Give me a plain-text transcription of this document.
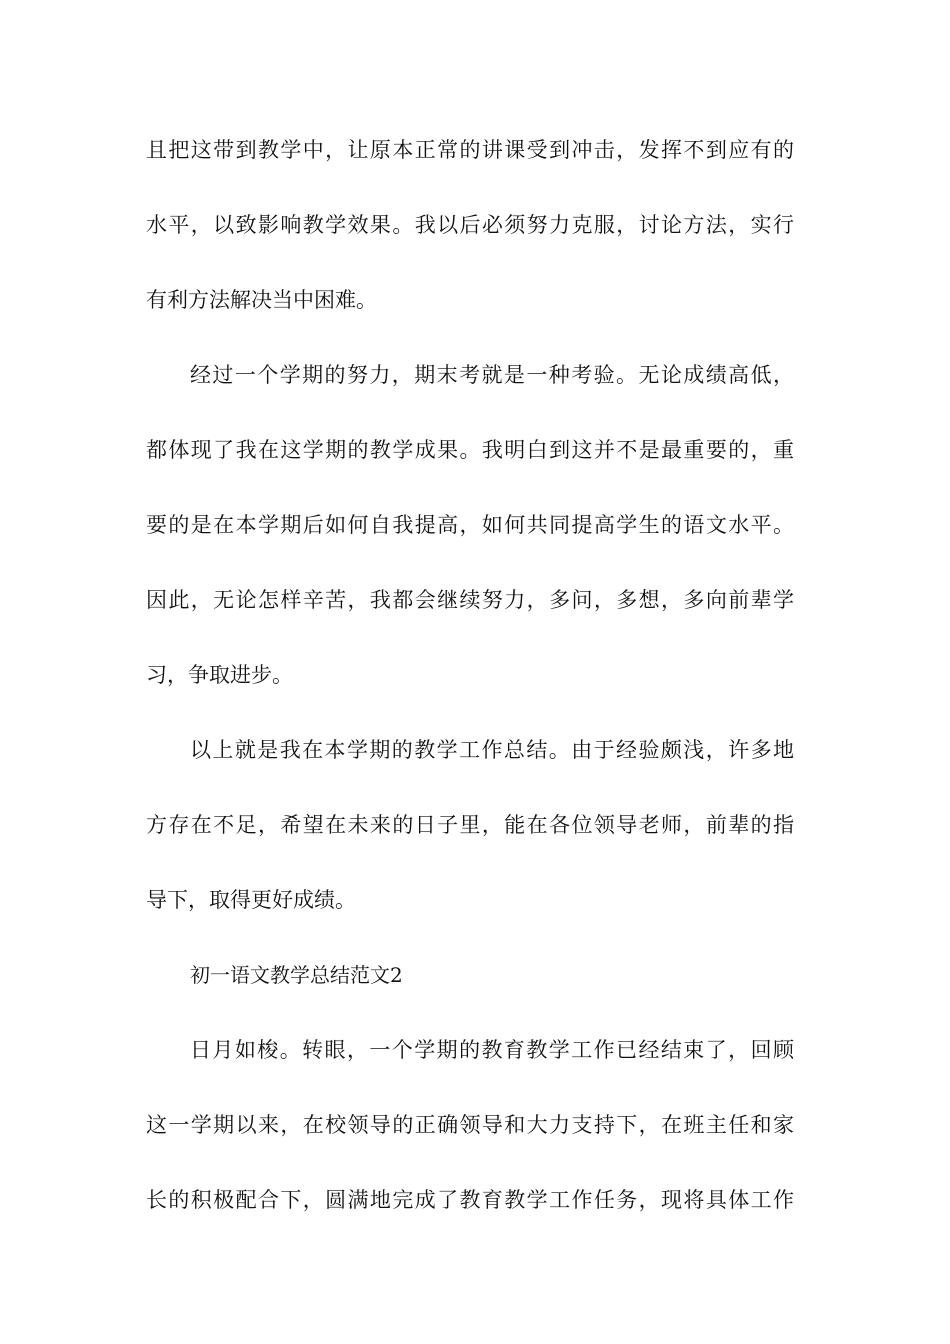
且把这带到教学中，让原本正常的讲课受到冲击，发挥不到应有的
水平，以致影响教学效果。我以后必须努力克服，讨论方法，实行
有利方法解决当中困难。
经过一个学期的努力，期末考就是一种考验。无论成绩高低，
都体现了我在这学期的教学成果。我明白到这并不是最重要的，重
要的是在本学期后如何自我提高，如何共同提高学生的语文水平。
因此，无论怎样辛苦，我都会继续努力，多问，多想，多向前辈学
习，争取进步。
以上就是我在本学期的教学工作总结。由于经验颇浅，许多地
方存在不足，希望在未来的日子里，能在各位领导老师，前辈的指
导下，取得更好成绩。
初一语文教学总结范文2
日月如梭。转眼，一个学期的教育教学工作已经结束了，回顾
这一学期以来，在校领导的正确领导和大力支持下，在班主任和家
长的积极配合下，圆满地完成了教育教学工作任务，现将具体工作
